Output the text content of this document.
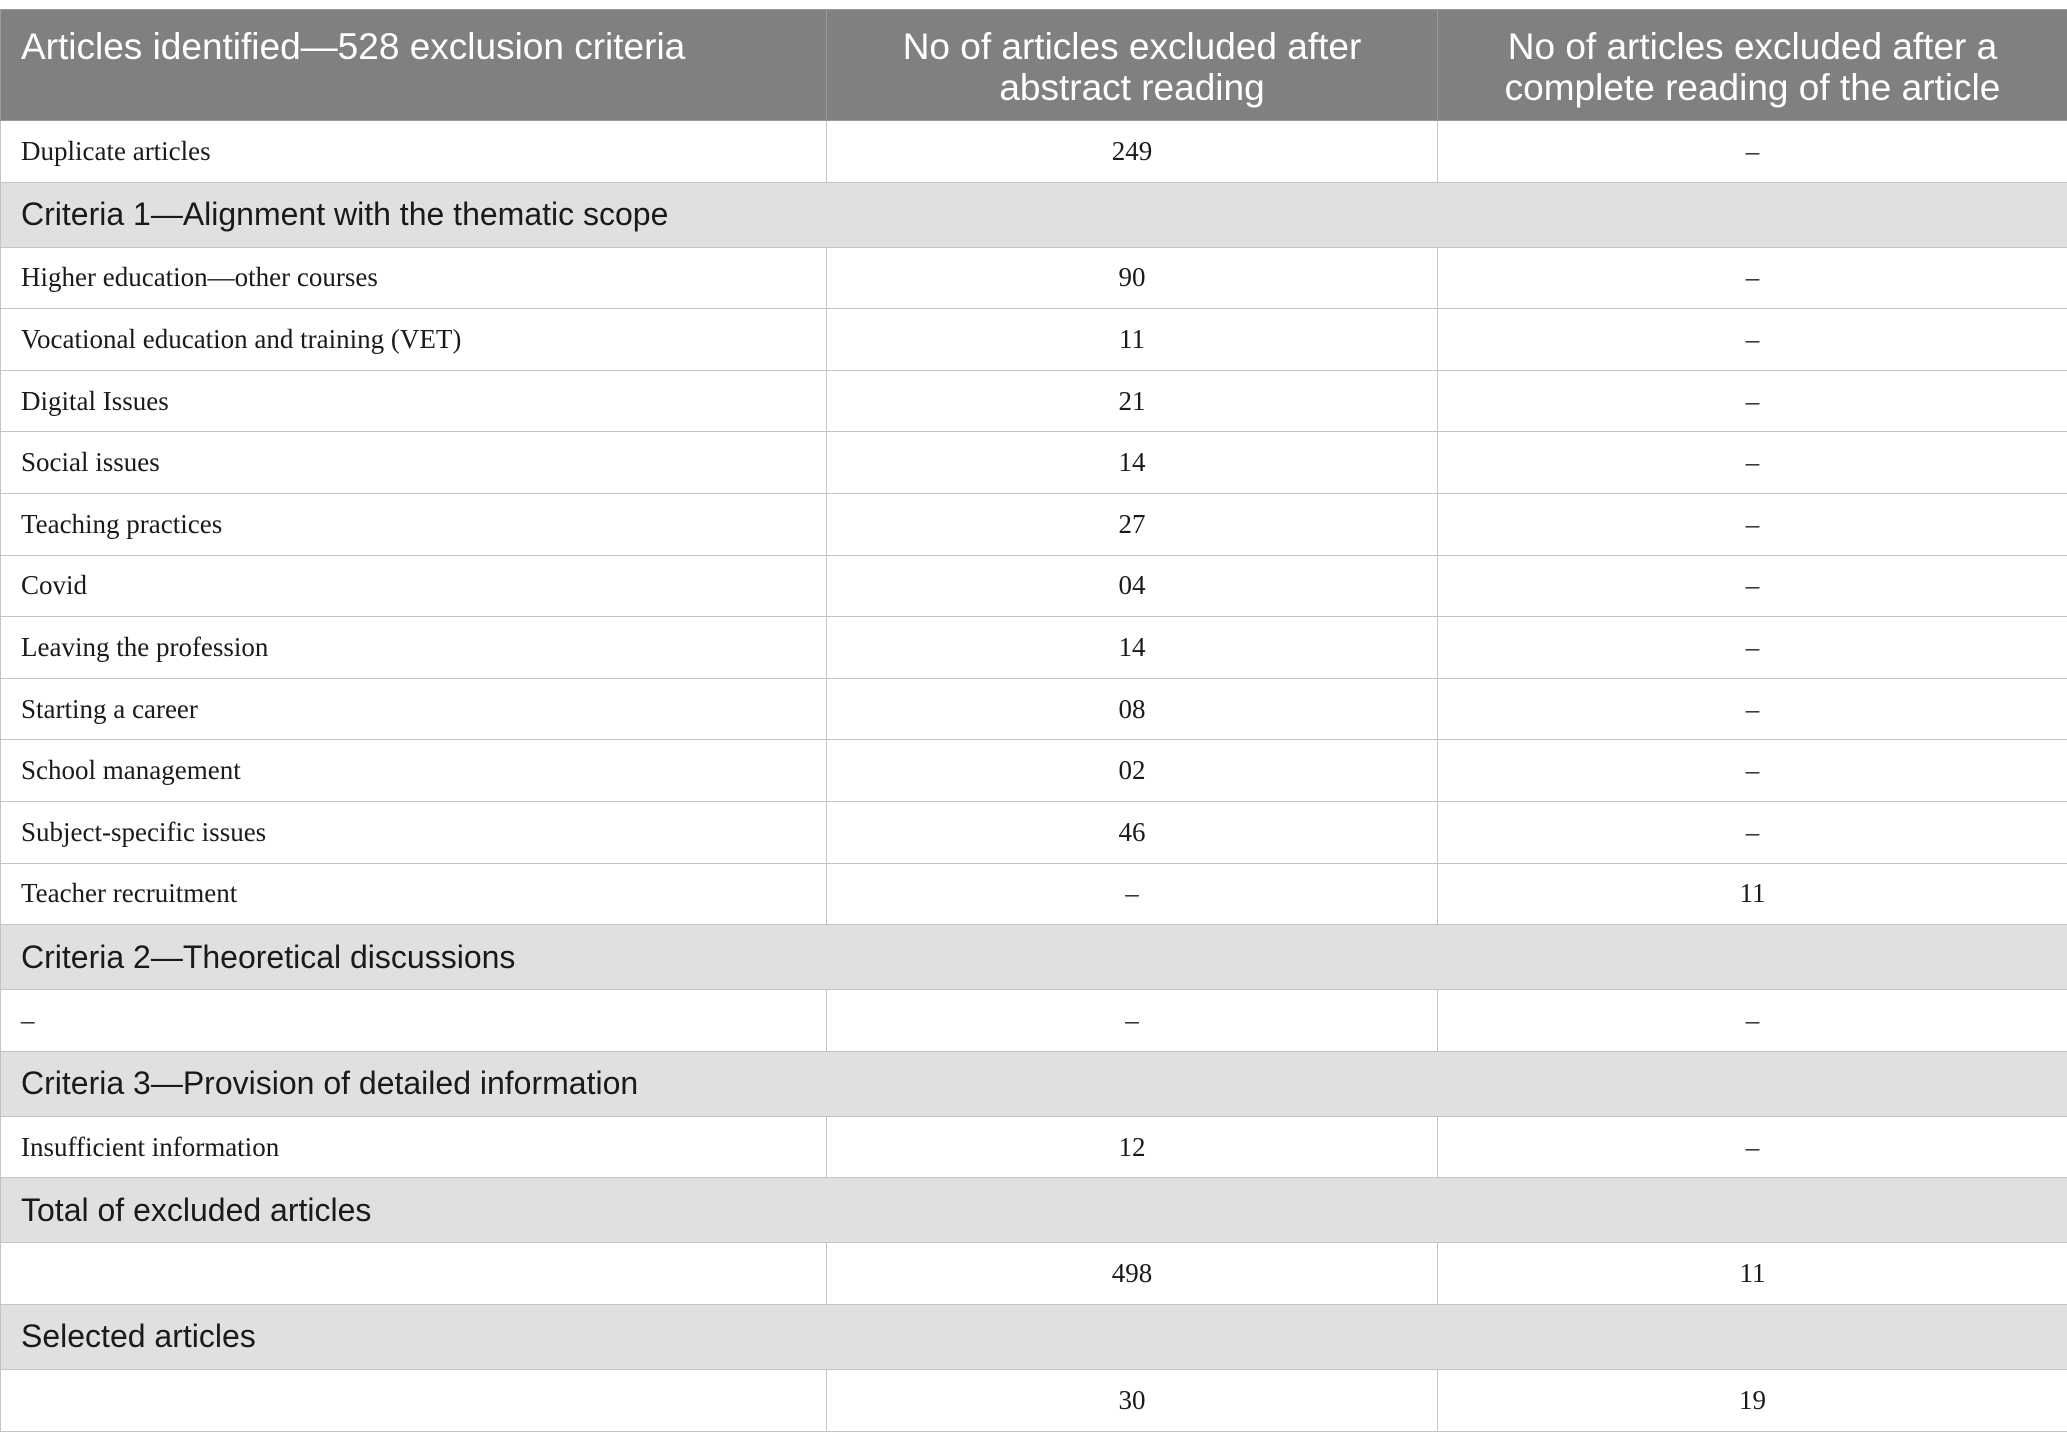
Articles identified—528 exclusion criteria	No of articles excluded after abstract reading	No of articles excluded after a complete reading of the article
Duplicate articles	249	–
Criteria 1—Alignment with the thematic scope		
Higher education—other courses	90	–
Vocational education and training (VET)	11	–
Digital Issues	21	–
Social issues	14	–
Teaching practices	27	–
Covid	04	–
Leaving the profession	14	–
Starting a career	08	–
School management	02	–
Subject-specific issues	46	–
Teacher recruitment	–	11
Criteria 2—Theoretical discussions		
–	–	–
Criteria 3—Provision of detailed information		
Insufficient information	12	–
Total of excluded articles		
	498	11
Selected articles		
	30	19
